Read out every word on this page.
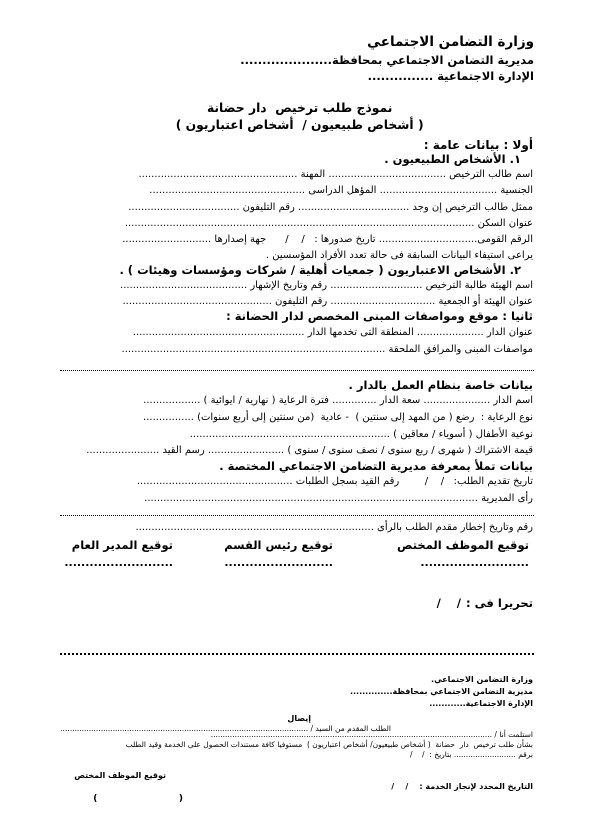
وزارة التضامن الاجتماعي
مديرية التضامن الاجتماعي بمحافظة.....................
الإدارة الاجتماعية ...............
نموذج طلب ترخيص  دار حضانة
( أشخاص طبيعيون /  أشخاص اعتباريون )
أولا : بيانات عامة :
١. الأشخاص الطبيعيون .
اسم طالب الترخيص ..................................... المهنة ..................................................
الجنسية ..................................... المؤهل الدراسى .................................................
ممثل طالب الترخيص إن وجد ................................... رقم التليفون ...................................
عنوان السكن ..............................................................................................................
الرقم القومى............................... تاريخ صدورها :   /    /      جهة إصدارها ............................
يراعى استيفاء البيانات السابقة فى حالة تعدد الأفراد المؤسسين .
٢. الأشخاص الاعتباريون ( جمعيات أهلية / شركات ومؤسسات وهيئات ) .
اسم الهيئة طالبة الترخيص ............................. رقم وتاريخ الإشهار ........................................
عنوان الهيئة أو الجمعية ................................. رقم التليفون ...............................................
ثانيا : موقع ومواصفات المبنى المخصص لدار الحضانة :
عنوان الدار ..................... المنطقة التى تخدمها الدار ......................................................
مواصفات المبنى والمرافق الملحقة ...................................................................................
بيانات خاصة بنظام العمل بالدار .
اسم الدار ..................... سعة الدار .............. فترة الرعاية ( نهارية / ايوائية ) ..................
نوع الرعاية :  رضع ( من المهد إلى سنتين )  - عادية  (من سنتين إلى أربع سنوات) ................
نوعية الأطفال ( أسوياء / معاقين ) ...............................................................
قيمة الاشتراك ( شهرى / ربع سنوى / نصف سنوى / سنوى ) ........................ رسم القيد .......................
بيانات تملأ بمعرفة مديرية التضامن الاجتماعي المختصة .
تاريخ تقديم الطلب:   /    /        رقم القيد بسجل الطلبات .................................................
رأى المديرية .........................................................................................................
رقم وتاريخ إخطار مقدم الطلب بالرأى ...........................................................................
توقيع الموظف المختص
توقيع رئيس القسم
توقيع المدير العام
..........................
..........................
..........................
تحريرا فى :
/    /
وزارة التضامن الاجتماعي.
مديرية التضامن الاجتماعي بمحافظة..............
الإدارة الاجتماعية............
إيصال
الطلب المقدم من السيد / ........................................................................................................
استلمت أنا / ......................................................................................................................
بشأن طلب ترخيص  دار  حضانة  ( أشخاص طبيعيون/ أشخاص اعتباريون )  مستوفيا كافة مستندات الحصول على الخدمة وقيد الطلب
برقم .......................... بتاريخ :  /    /
توقيع الموظف المختص
(                          )
التاريخ المحدد لإنجاز الخدمة :    /    /
